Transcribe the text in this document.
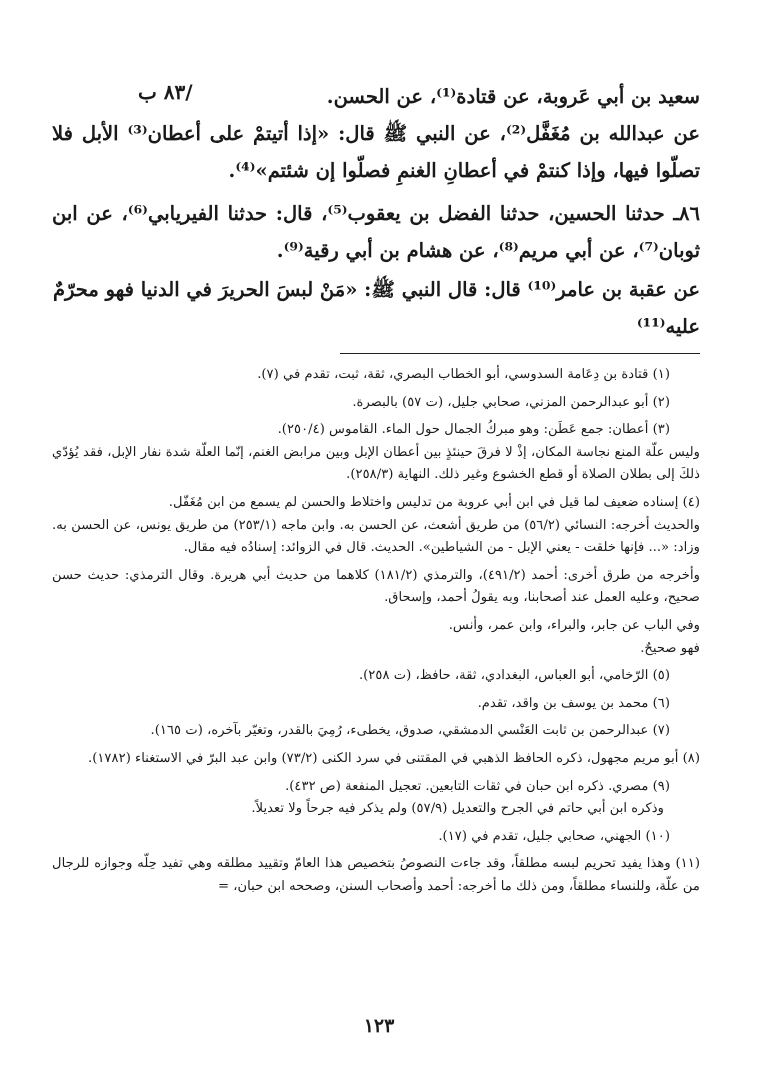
/٨٣ ب	سعيد بن أبي عَروبة، عن قتادة⁽¹⁾، عن الحسن.

عن عبدالله بن مُغَفَّل⁽²⁾، عن النبي ﷺ قال: «إذا أتيتمْ على أعطان⁽³⁾ الأبل فلا تصلّوا فيها، وإذا كنتمْ في أعطانِ الغنمِ فصلّوا إن شئتم»⁽⁴⁾.

٨٦ـ حدثنا الحسين، حدثنا الفضل بن يعقوب⁽⁵⁾، قال: حدثنا الفيريابي⁽⁶⁾، عن ابن ثوبان⁽⁷⁾، عن أبي مريم⁽⁸⁾، عن هشام بن أبي رقية⁽⁹⁾.

عن عقبة بن عامر⁽¹⁰⁾ قال: قال النبي ﷺ: «مَنْ لبسَ الحريرَ في الدنيا فهو محرّمٌ

عليه⁽¹¹⁾

(١) قتادة بن دِعَامة السدوسي، أبو الخطاب البصري، ثقة، ثبت، تقدم في (٧).

(٢) أبو عبدالرحمن المزني، صحابي جليل، (ت ٥٧) بالبصرة.

(٣) أعطان: جمع عَطَن: وهو مبركُ الجمال حول الماء. القاموس (٢٥٠/٤).

وليس علّة المنع نجاسة المكان، إذْ لا فرقَ حينئذٍ بين أعطان الإبل وبين مرابض الغنم، إنّما العلّة شدة نفار الإبل، فقد يُؤدّي ذلكَ إلى بطلان الصلاة أو قطع الخشوع وغير ذلك. النهاية (٢٥٨/٣).

(٤) إسناده ضعيف لما قيل في ابن أبي عروبة من تدليس واختلاط والحسن لم يسمع من ابن مُغَفّل.

والحديث أخرجه: النسائي (٥٦/٢) من طريق أشعث، عن الحسن به. وابن ماجه (٢٥٣/١) من طريق يونس، عن الحسن به. وزاد: «... فإنها خلقت - يعني الإبل - من الشياطين». الحديث. قال في الزوائد: إسنادُه فيه مقال.

وأخرجه من طرق أخرى: أحمد (٤٩١/٢)، والترمذي (١٨١/٢) كلاهما من حديث أبي هريرة. وقال الترمذي: حديث حسن صحيح، وعليه العمل عند أصحابنا، وبه يقولُ أحمد، وإسحاق.

وفي الباب عن جابر، والبراء، وابن عمر، وأنس.

فهو صحيحٌ.

(٥) الرّخامي، أبو العباس، البغدادي، ثقة، حافظ، (ت ٢٥٨).

(٦) محمد بن يوسف بن واقد، تقدم.

(٧) عبدالرحمن بن ثابت العَنْسي الدمشقي، صدوق، يخطىء، رُمِيَ بالقدر، وتغيّر بآخره، (ت ١٦٥).

(٨) أبو مريم مجهول، ذكره الحافظ الذهبي في المقتنى في سرد الكنى (٧٣/٢) وابن عبد البرّ في الاستغناء (١٧٨٢).

(٩) مصري. ذكره ابن حبان في ثقات التابعين. تعجيل المنفعة (ص ٤٣٢).

وذكره ابن أبي حاتم في الجرح والتعديل (٥٧/٩) ولم يذكر فيه جرحاً ولا تعديلاً.

(١٠) الجهني، صحابي جليل، تقدم في (١٧).

(١١) وهذا يفيد تحريم لبسه مطلقاً، وقد جاءت النصوصُ بتخصيص هذا العامّ وتقييد مطلقه وهي تفيد حِلّه وجوازه للرجال من علّة، وللنساء مطلقاً، ومن ذلك ما أخرجه: أحمد وأصحاب السنن، وصححه ابن حبان، =

١٢٣
